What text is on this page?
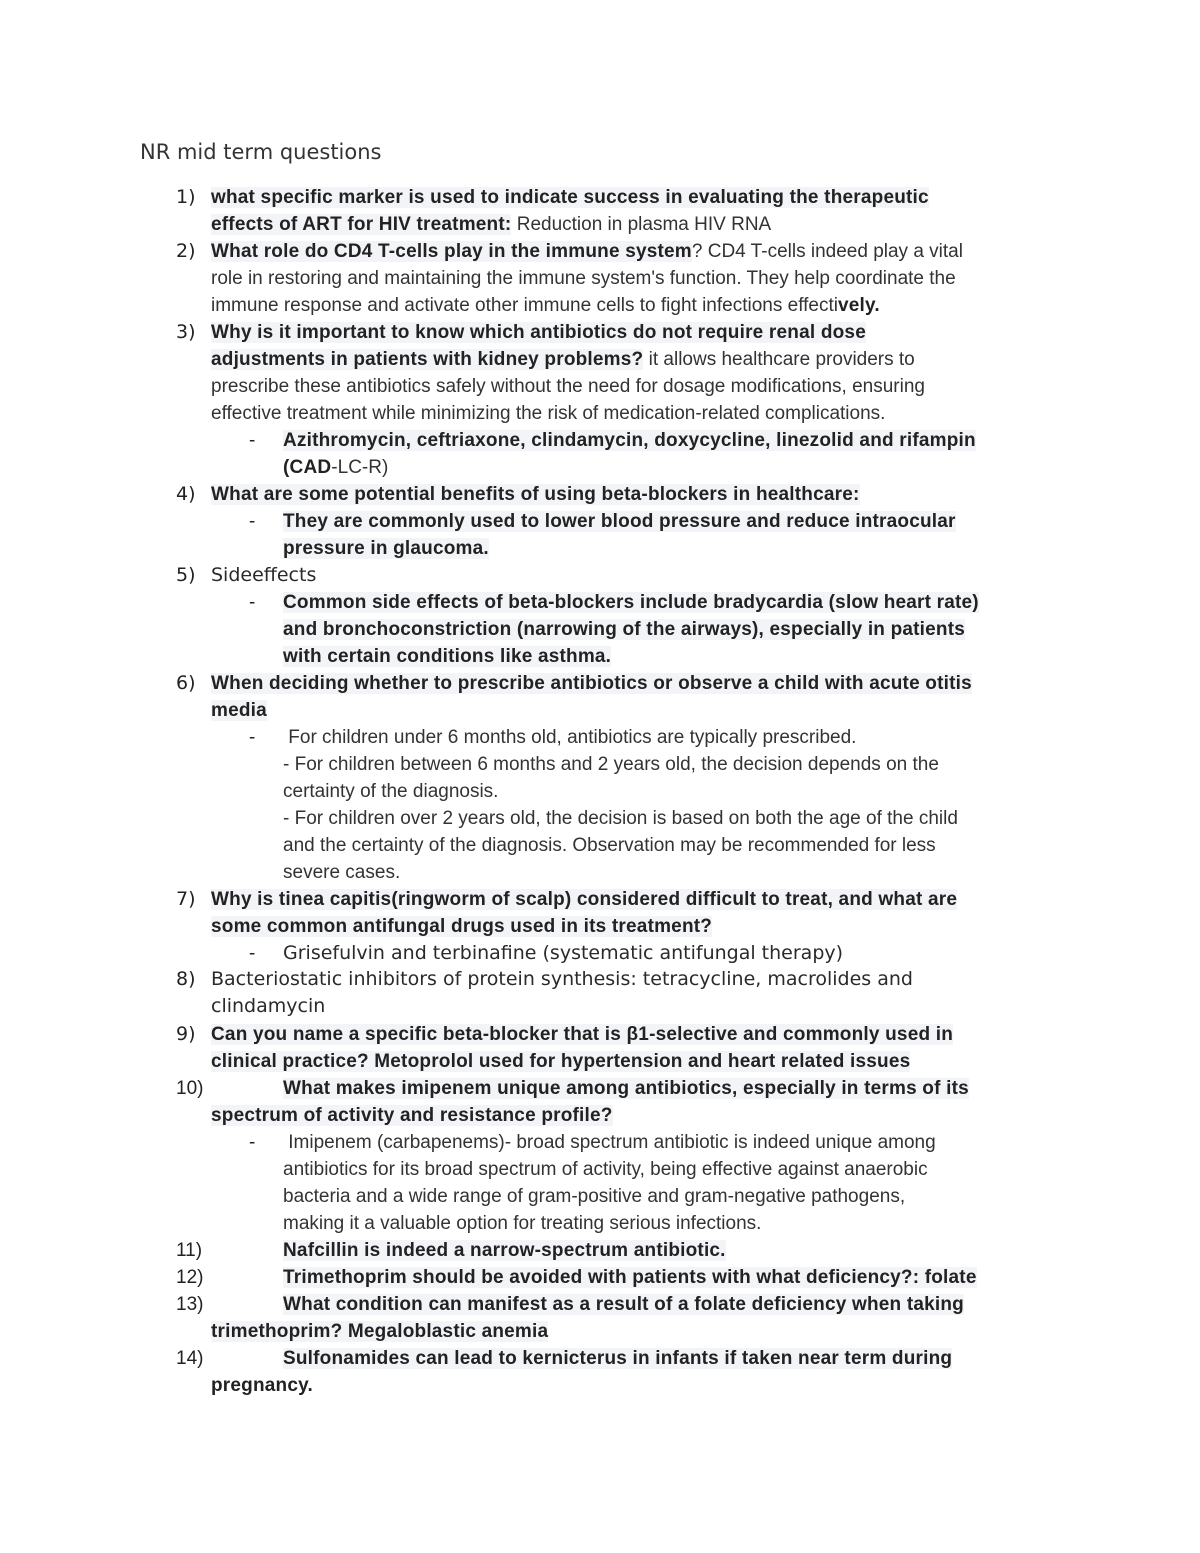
NR mid term questions
1) what specific marker is used to indicate success in evaluating the therapeutic
effects of ART for HIV treatment: Reduction in plasma HIV RNA
2) What role do CD4 T-cells play in the immune system? CD4 T-cells indeed play a vital
role in restoring and maintaining the immune system's function. They help coordinate the
immune response and activate other immune cells to fight infections effectively.
3) Why is it important to know which antibiotics do not require renal dose
adjustments in patients with kidney problems? it allows healthcare providers to
prescribe these antibiotics safely without the need for dosage modifications, ensuring
effective treatment while minimizing the risk of medication-related complications.
- Azithromycin, ceftriaxone, clindamycin, doxycycline, linezolid and rifampin
(CAD-LC-R)
4) What are some potential benefits of using beta-blockers in healthcare:
- They are commonly used to lower blood pressure and reduce intraocular
pressure in glaucoma.
5) Sideeffects
- Common side effects of beta-blockers include bradycardia (slow heart rate)
and bronchoconstriction (narrowing of the airways), especially in patients
with certain conditions like asthma.
6) When deciding whether to prescribe antibiotics or observe a child with acute otitis
media
- For children under 6 months old, antibiotics are typically prescribed.
- For children between 6 months and 2 years old, the decision depends on the
certainty of the diagnosis.
- For children over 2 years old, the decision is based on both the age of the child
and the certainty of the diagnosis. Observation may be recommended for less
severe cases.
7) Why is tinea capitis(ringworm of scalp) considered difficult to treat, and what are
some common antifungal drugs used in its treatment?
- Grisefulvin and terbinafine (systematic antifungal therapy)
8) Bacteriostatic inhibitors of protein synthesis: tetracycline, macrolides and
clindamycin
9) Can you name a specific beta-blocker that is β1-selective and commonly used in
clinical practice? Metoprolol used for hypertension and heart related issues
10)	What makes imipenem unique among antibiotics, especially in terms of its
spectrum of activity and resistance profile?
- Imipenem (carbapenems)- broad spectrum antibiotic is indeed unique among
antibiotics for its broad spectrum of activity, being effective against anaerobic
bacteria and a wide range of gram-positive and gram-negative pathogens,
making it a valuable option for treating serious infections.
11)	Nafcillin is indeed a narrow-spectrum antibiotic.
12)	Trimethoprim should be avoided with patients with what deficiency?: folate
13)	What condition can manifest as a result of a folate deficiency when taking
trimethoprim? Megaloblastic anemia
14)	Sulfonamides can lead to kernicterus in infants if taken near term during
pregnancy.
